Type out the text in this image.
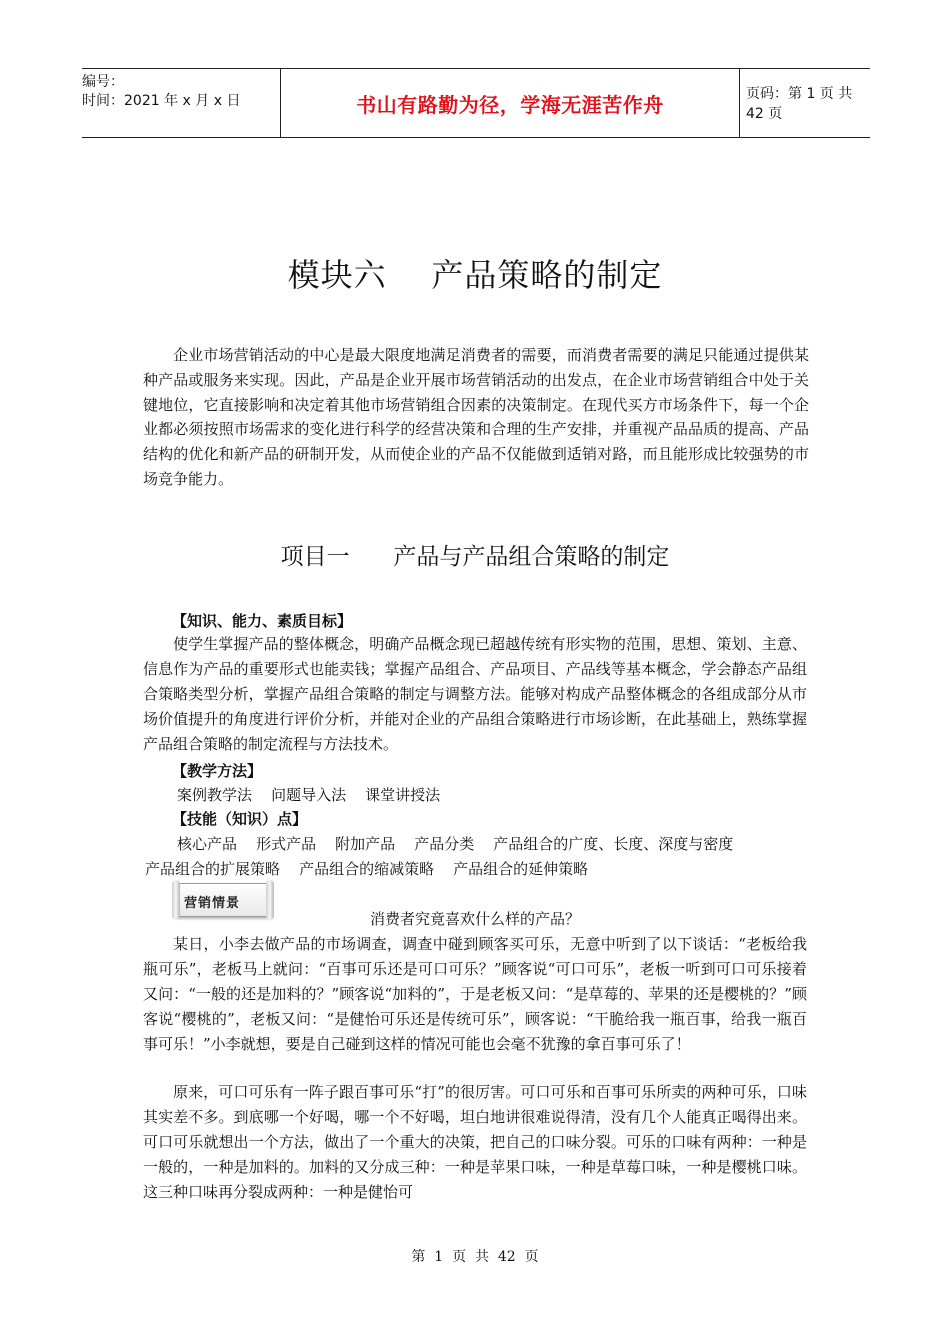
编号：
时间：2021 年 x 月 x 日	书山有路勤为径，学海无涯苦作舟	页码：第 1 页 共 42 页
模块六    产品策略的制定

企业市场营销活动的中心是最大限度地满足消费者的需要，而消费者需要的满足只能通过提供某种产品或服务来实现。因此，产品是企业开展市场营销活动的出发点，在企业市场营销组合中处于关键地位，它直接影响和决定着其他市场营销组合因素的决策制定。在现代买方市场条件下，每一个企业都必须按照市场需求的变化进行科学的经营决策和合理的生产安排，并重视产品品质的提高、产品结构的优化和新产品的研制开发，从而使企业的产品不仅能做到适销对路，而且能形成比较强势的市场竞争能力。

项目一      产品与产品组合策略的制定
【知识、能力、素质目标】

使学生掌握产品的整体概念，明确产品概念现已超越传统有形实物的范围，思想、策划、主意、信息作为产品的重要形式也能卖钱；掌握产品组合、产品项目、产品线等基本概念，学会静态产品组合策略类型分析，掌握产品组合策略的制定与调整方法。能够对构成产品整体概念的各组成部分从市场价值提升的角度进行评价分析，并能对企业的产品组合策略进行市场诊断，在此基础上，熟练掌握产品组合策略的制定流程与方法技术。

【教学方法】
案例教学法    问题导入法    课堂讲授法
【技能（知识）点】
核心产品    形式产品    附加产品    产品分类    产品组合的广度、长度、深度与密度
产品组合的扩展策略    产品组合的缩减策略    产品组合的延伸策略
营销情景
消费者究竟喜欢什么样的产品？

某日，小李去做产品的市场调查，调查中碰到顾客买可乐，无意中听到了以下谈话：“老板给我瓶可乐”，老板马上就问：“百事可乐还是可口可乐？”顾客说“可口可乐”，老板一听到可口可乐接着又问：“一般的还是加料的？”顾客说“加料的”，于是老板又问：“是草莓的、苹果的还是樱桃的？”顾客说“樱桃的”，老板又问：“是健怡可乐还是传统可乐”，顾客说：“干脆给我一瓶百事，给我一瓶百事可乐！”小李就想，要是自己碰到这样的情况可能也会毫不犹豫的拿百事可乐了！

原来，可口可乐有一阵子跟百事可乐“打”的很厉害。可口可乐和百事可乐所卖的两种可乐，口味其实差不多。到底哪一个好喝，哪一个不好喝，坦白地讲很难说得清，没有几个人能真正喝得出来。可口可乐就想出一个方法，做出了一个重大的决策，把自己的口味分裂。可乐的口味有两种：一种是一般的，一种是加料的。加料的又分成三种：一种是苹果口味，一种是草莓口味，一种是樱桃口味。这三种口味再分裂成两种：一种是健怡可

第  1  页  共  42  页
